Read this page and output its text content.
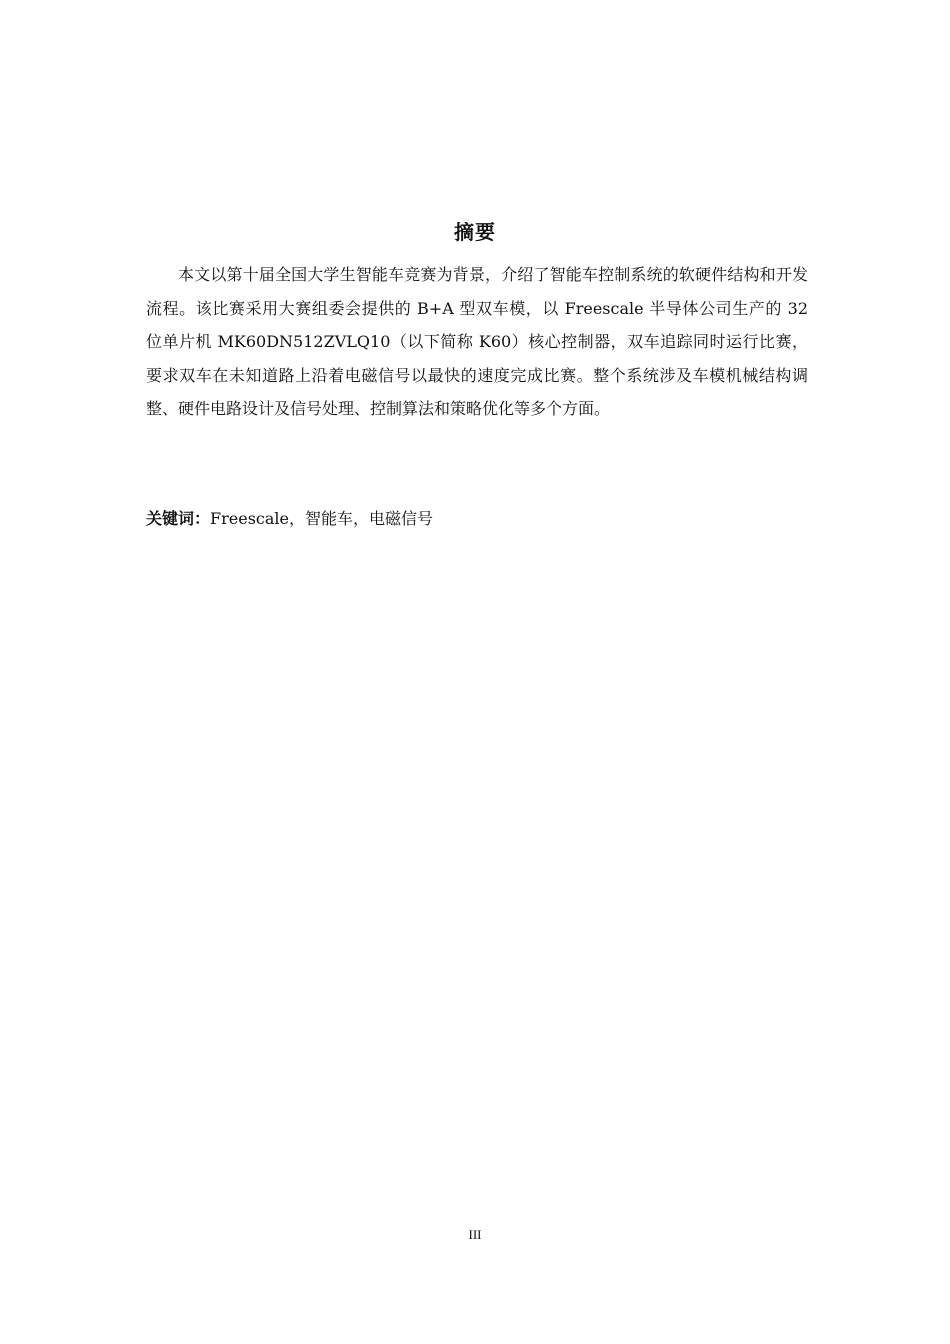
摘要

本文以第十届全国大学生智能车竞赛为背景，介绍了智能车控制系统的软硬件结构和开发流程。该比赛采用大赛组委会提供的 B+A 型双车模，以 Freescale 半导体公司生产的 32 位单片机 MK60DN512ZVLQ10（以下简称 K60）核心控制器，双车追踪同时运行比赛，要求双车在未知道路上沿着电磁信号以最快的速度完成比赛。整个系统涉及车模机械结构调整、硬件电路设计及信号处理、控制算法和策略优化等多个方面。

关键词：Freescale，智能车，电磁信号
III
